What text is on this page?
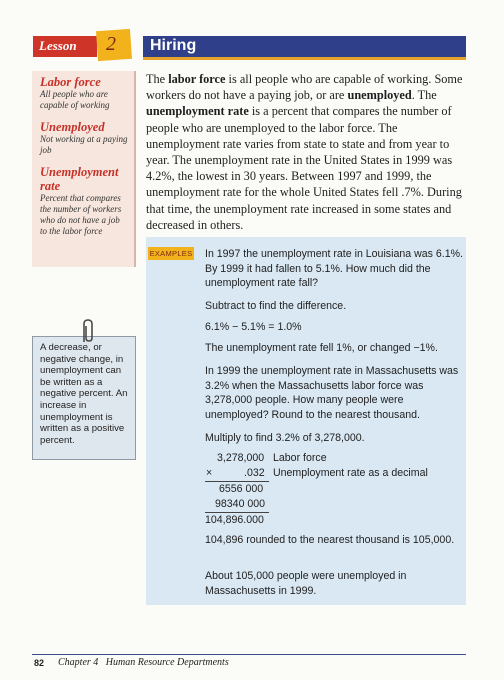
Lesson 2 Hiring
Labor force
All people who are capable of working
Unemployed
Not working at a paying job
Unemployment rate
Percent that compares the number of workers who do not have a job to the labor force
The labor force is all people who are capable of working. Some workers do not have a paying job, or are unemployed. The unemployment rate is a percent that compares the number of people who are unemployed to the labor force. The unemployment rate varies from state to state and from year to year. The unemployment rate in the United States in 1999 was 4.2%, the lowest in 30 years. Between 1997 and 1999, the unemployment rate for the whole United States fell .7%. During that time, the unemployment rate increased in some states and decreased in others.
EXAMPLES In 1997 the unemployment rate in Louisiana was 6.1%. By 1999 it had fallen to 5.1%. How much did the unemployment rate fall?
Subtract to find the difference.
6.1% − 5.1% = 1.0%
The unemployment rate fell 1%, or changed −1%.
In 1999 the unemployment rate in Massachusetts was 3.2% when the Massachusetts labor force was 3,278,000 people. How many people were unemployed? Round to the nearest thousand.
Multiply to find 3.2% of 3,278,000.
3,278,000 Labor force
×	.032 Unemployment rate as a decimal
6556 000
98340 000
104,896.000
104,896 rounded to the nearest thousand is 105,000.
About 105,000 people were unemployed in Massachusetts in 1999.
A decrease, or negative change, in unemployment can be written as a negative percent. An increase in unemployment is written as a positive percent.
82 Chapter 4   Human Resource Departments
